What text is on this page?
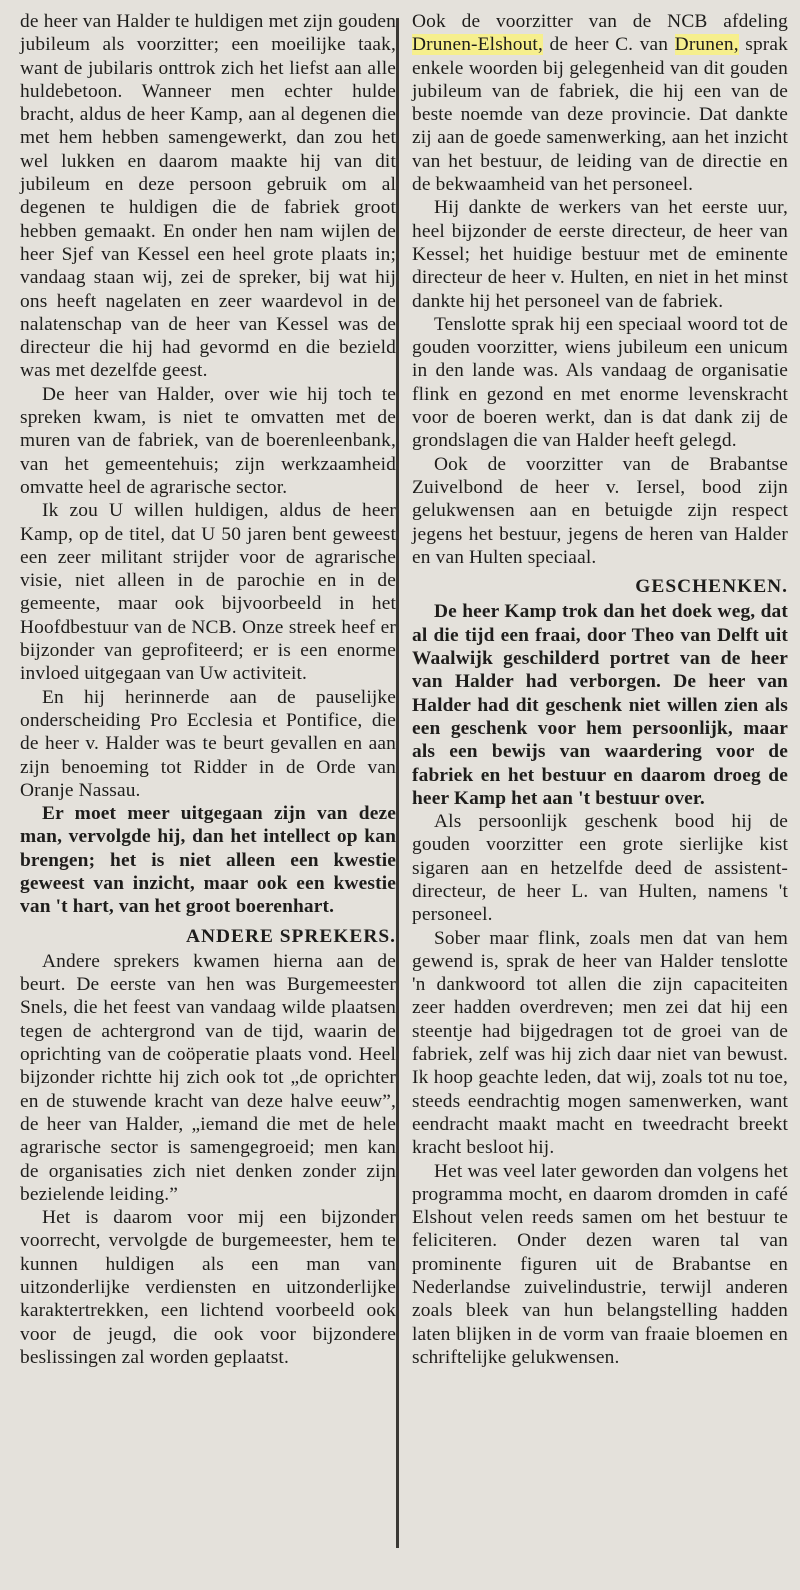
de heer van Halder te huldigen met zijn gouden jubileum als voorzitter; een moeilijke taak, want de jubilaris onttrok zich het liefst aan alle huldebetoon. Wanneer men echter hulde bracht, aldus de heer Kamp, aan al degenen die met hem hebben samengewerkt, dan zou het wel lukken en daarom maakte hij van dit jubileum en deze persoon gebruik om al degenen te huldigen die de fabriek groot hebben gemaakt. En onder hen nam wijlen de heer Sjef van Kessel een heel grote plaats in; vandaag staan wij, zei de spreker, bij wat hij ons heeft nagelaten en zeer waardevol in de nalatenschap van de heer van Kessel was de directeur die hij had gevormd en die bezield was met dezelfde geest.

De heer van Halder, over wie hij toch te spreken kwam, is niet te omvatten met de muren van de fabriek, van de boerenleenbank, van het gemeentehuis; zijn werkzaamheid omvatte heel de agrarische sector.

Ik zou U willen huldigen, aldus de heer Kamp, op de titel, dat U 50 jaren bent geweest een zeer militant strijder voor de agrarische visie, niet alleen in de parochie en in de gemeente, maar ook bijvoorbeeld in het Hoofdbestuur van de NCB. Onze streek heef er bijzonder van geprofiteerd; er is een enorme invloed uitgegaan van Uw activiteit.

En hij herinnerde aan de pauselijke onderscheiding Pro Ecclesia et Pontifice, die de heer v. Halder was te beurt gevallen en aan zijn benoeming tot Ridder in de Orde van Oranje Nassau.

Er moet meer uitgegaan zijn van deze man, vervolgde hij, dan het intellect op kan brengen; het is niet alleen een kwestie geweest van inzicht, maar ook een kwestie van 't hart, van het groot boerenhart.

ANDERE SPREKERS.

Andere sprekers kwamen hierna aan de beurt. De eerste van hen was Burgemeester Snels, die het feest van vandaag wilde plaatsen tegen de achtergrond van de tijd, waarin de oprichting van de coöperatie plaats vond. Heel bijzonder richtte hij zich ook tot „de oprichter en de stuwende kracht van deze halve eeuw”, de heer van Halder, „iemand die met de hele agrarische sector is samengegroeid; men kan de organisaties zich niet denken zonder zijn bezielende leiding.”

Het is daarom voor mij een bijzonder voorrecht, vervolgde de burgemeester, hem te kunnen huldigen als een man van uitzonderlijke verdiensten en uitzonderlijke karaktertrekken, een lichtend voorbeeld ook voor de jeugd, die ook voor bijzondere beslissingen zal worden geplaatst.

Ook de voorzitter van de NCB afdeling Drunen-Elshout, de heer C. van Drunen, sprak enkele woorden bij gelegenheid van dit gouden jubileum van de fabriek, die hij een van de beste noemde van deze provincie. Dat dankte zij aan de goede samenwerking, aan het inzicht van het bestuur, de leiding van de directie en de bekwaamheid van het personeel.

Hij dankte de werkers van het eerste uur, heel bijzonder de eerste directeur, de heer van Kessel; het huidige bestuur met de eminente directeur de heer v. Hulten, en niet in het minst dankte hij het personeel van de fabriek.

Tenslotte sprak hij een speciaal woord tot de gouden voorzitter, wiens jubileum een unicum in den lande was. Als vandaag de organisatie flink en gezond en met enorme levenskracht voor de boeren werkt, dan is dat dank zij de grondslagen die van Halder heeft gelegd.

Ook de voorzitter van de Brabantse Zuivelbond de heer v. Iersel, bood zijn gelukwensen aan en betuigde zijn respect jegens het bestuur, jegens de heren van Halder en van Hulten speciaal.

GESCHENKEN.

De heer Kamp trok dan het doek weg, dat al die tijd een fraai, door Theo van Delft uit Waalwijk geschilderd portret van de heer van Halder had verborgen. De heer van Halder had dit geschenk niet willen zien als een geschenk voor hem persoonlijk, maar als een bewijs van waardering voor de fabriek en het bestuur en daarom droeg de heer Kamp het aan 't bestuur over.

Als persoonlijk geschenk bood hij de gouden voorzitter een grote sierlijke kist sigaren aan en hetzelfde deed de assistent-directeur, de heer L. van Hulten, namens 't personeel.

Sober maar flink, zoals men dat van hem gewend is, sprak de heer van Halder tenslotte 'n dankwoord tot allen die zijn capaciteiten zeer hadden overdreven; men zei dat hij een steentje had bijgedragen tot de groei van de fabriek, zelf was hij zich daar niet van bewust. Ik hoop geachte leden, dat wij, zoals tot nu toe, steeds eendrachtig mogen samenwerken, want eendracht maakt macht en tweedracht breekt kracht besloot hij.

Het was veel later geworden dan volgens het programma mocht, en daarom dromden in café Elshout velen reeds samen om het bestuur te feliciteren. Onder dezen waren tal van prominente figuren uit de Brabantse en Nederlandse zuivelindustrie, terwijl anderen zoals bleek van hun belangstelling hadden laten blijken in de vorm van fraaie bloemen en schriftelijke gelukwensen.
